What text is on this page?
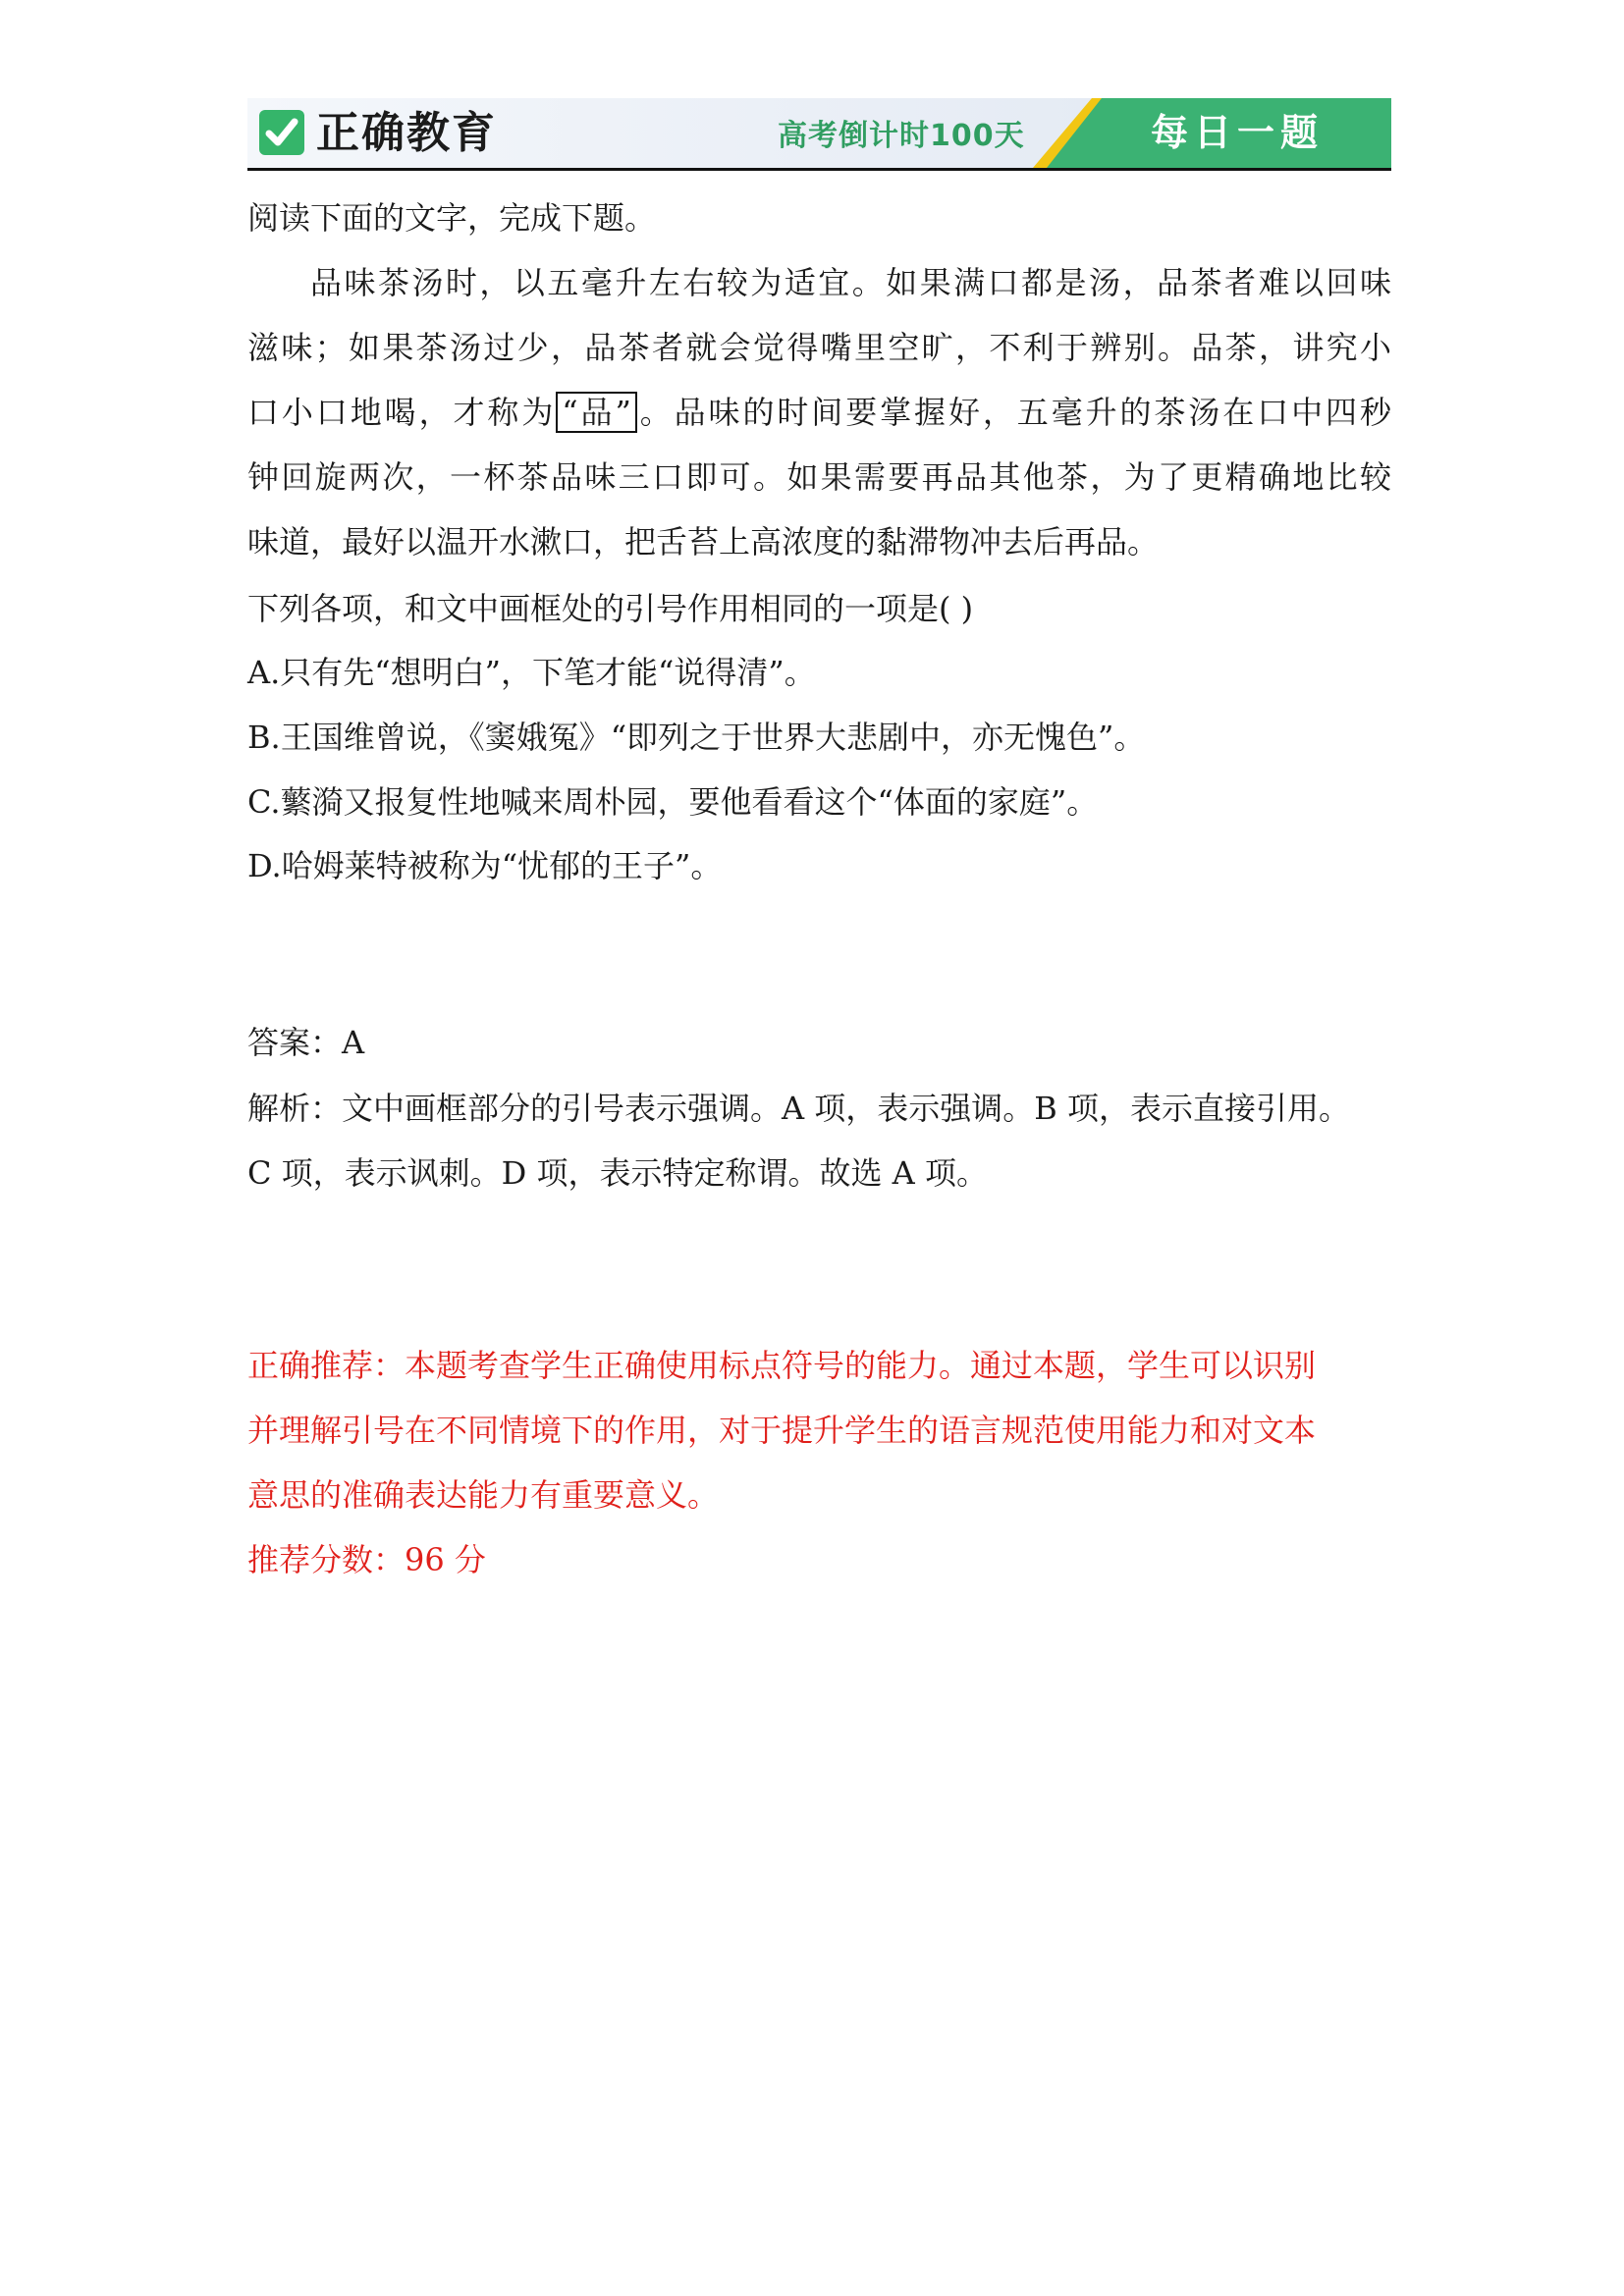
正确教育	高考倒计时100天	每日一题
阅读下面的文字，完成下题。
品味茶汤时，以五毫升左右较为适宜。如果满口都是汤，品茶者难以回味
滋味；如果茶汤过少，品茶者就会觉得嘴里空旷，不利于辨别。品茶，讲究小
口小口地喝，才称为 “品” 。品味的时间要掌握好，五毫升的茶汤在口中四秒
钟回旋两次，一杯茶品味三口即可。如果需要再品其他茶，为了更精确地比较
味道，最好以温开水漱口，把舌苔上高浓度的黏滞物冲去后再品。
下列各项，和文中画框处的引号作用相同的一项是( )
A.只有先“想明白”，下笔才能“说得清”。
B.王国维曾说，《窦娥冤》“即列之于世界大悲剧中，亦无愧色”。
C.蘩漪又报复性地喊来周朴园，要他看看这个“体面的家庭”。
D.哈姆莱特被称为“忧郁的王子”。
答案：A
解析：文中画框部分的引号表示强调。A 项，表示强调。B 项，表示直接引用。
C 项，表示讽刺。D 项，表示特定称谓。故选 A 项。
正确推荐：本题考查学生正确使用标点符号的能力。通过本题，学生可以识别
并理解引号在不同情境下的作用，对于提升学生的语言规范使用能力和对文本
意思的准确表达能力有重要意义。
推荐分数：96 分
